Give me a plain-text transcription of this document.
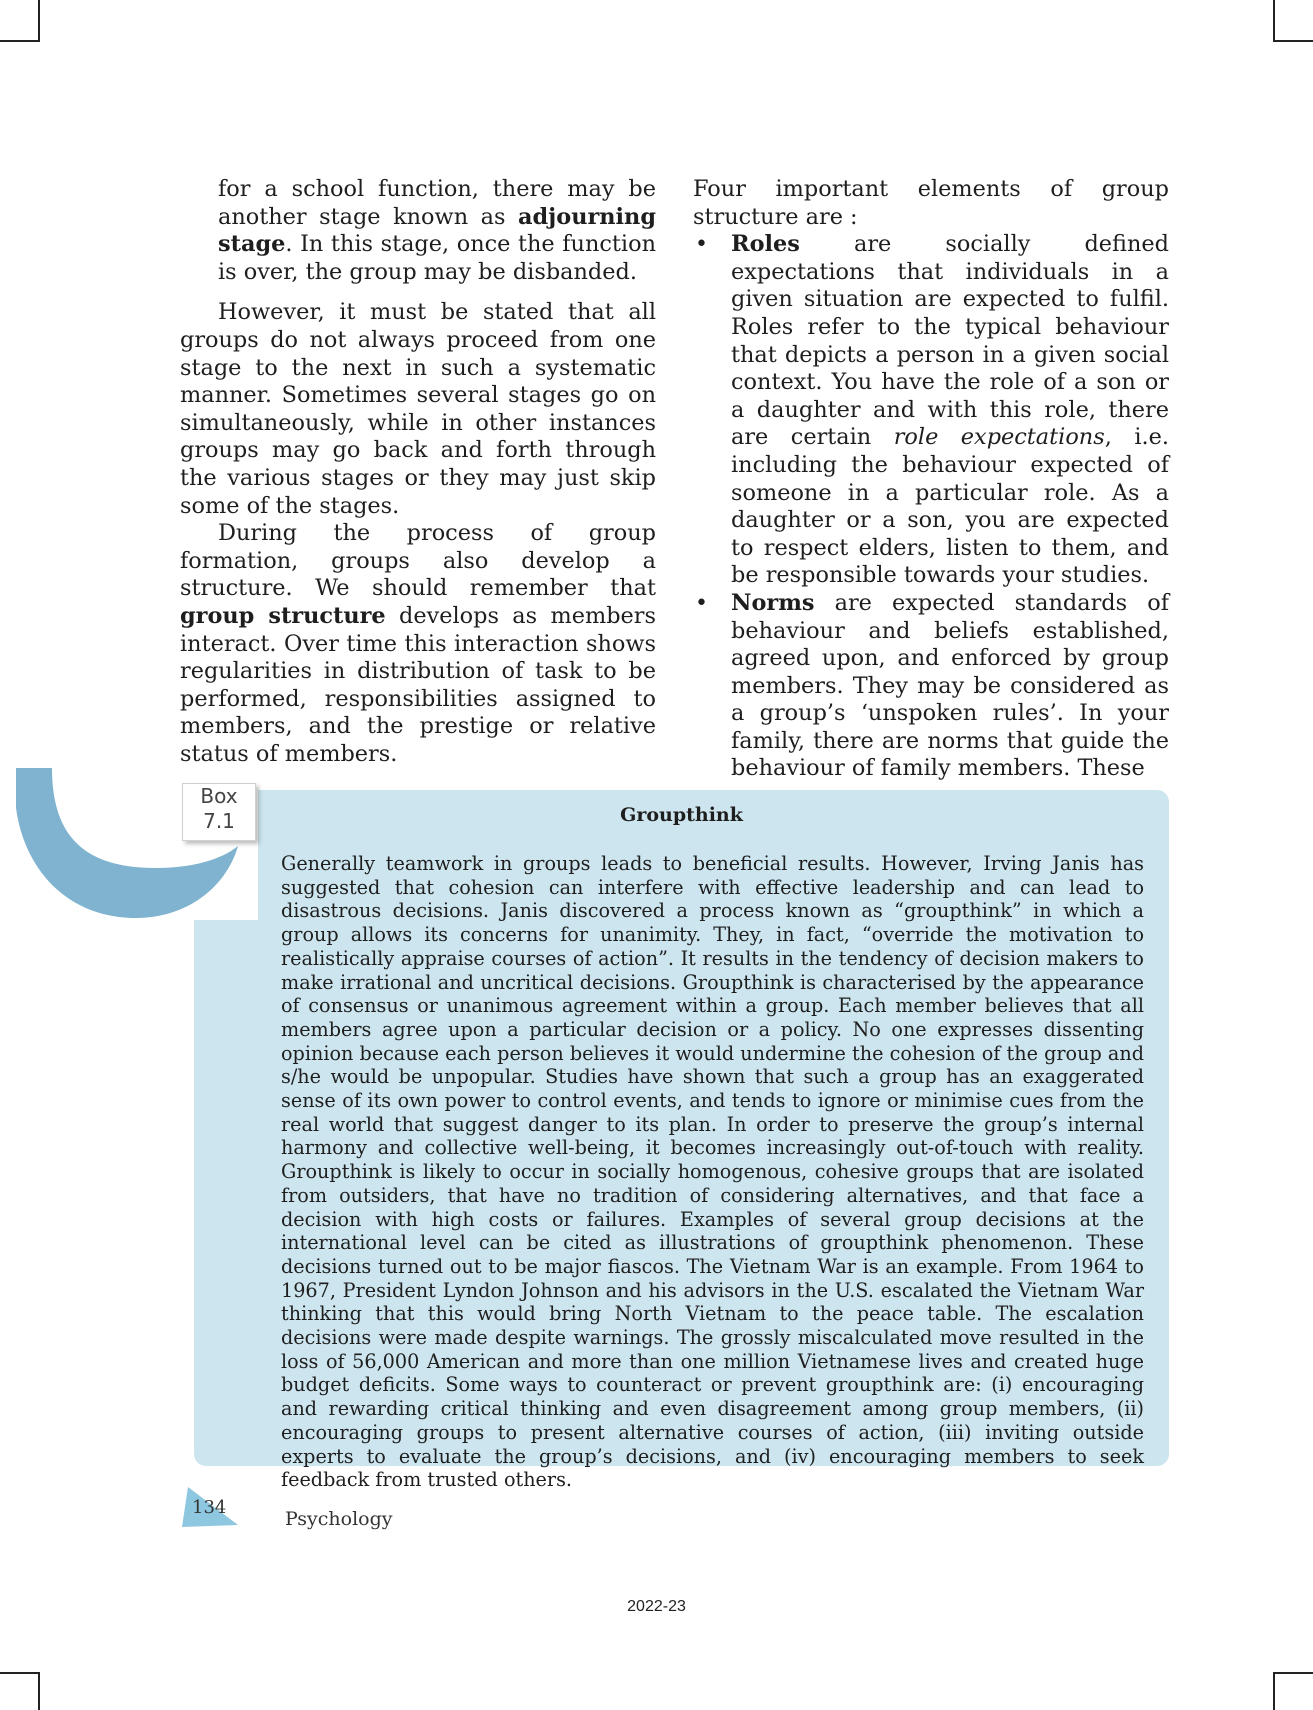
for a school function, there may be another stage known as adjourning stage. In this stage, once the function is over, the group may be disbanded.

However, it must be stated that all groups do not always proceed from one stage to the next in such a systematic manner. Sometimes several stages go on simultaneously, while in other instances groups may go back and forth through the various stages or they may just skip some of the stages.

During the process of group formation, groups also develop a structure. We should remember that group structure develops as members interact. Over time this interaction shows regularities in distribution of task to be performed, responsibilities assigned to members, and the prestige or relative status of members.

Four important elements of group structure are :

• Roles are socially defined expectations that individuals in a given situation are expected to fulfil. Roles refer to the typical behaviour that depicts a person in a given social context. You have the role of a son or a daughter and with this role, there are certain role expectations, i.e. including the behaviour expected of someone in a particular role. As a daughter or a son, you are expected to respect elders, listen to them, and be responsible towards your studies.
• Norms are expected standards of behaviour and beliefs established, agreed upon, and enforced by group members. They may be considered as a group’s ‘unspoken rules’. In your family, there are norms that guide the behaviour of family members. These
Box
7.1	Groupthink

Generally teamwork in groups leads to beneficial results. However, Irving Janis has suggested that cohesion can interfere with effective leadership and can lead to disastrous decisions. Janis discovered a process known as “groupthink” in which a group allows its concerns for unanimity. They, in fact, “override the motivation to realistically appraise courses of action”. It results in the tendency of decision makers to make irrational and uncritical decisions. Groupthink is characterised by the appearance of consensus or unanimous agreement within a group. Each member believes that all members agree upon a particular decision or a policy. No one expresses dissenting opinion because each person believes it would undermine the cohesion of the group and s/he would be unpopular. Studies have shown that such a group has an exaggerated sense of its own power to control events, and tends to ignore or minimise cues from the real world that suggest danger to its plan. In order to preserve the group’s internal harmony and collective well-being, it becomes increasingly out-of-touch with reality. Groupthink is likely to occur in socially homogenous, cohesive groups that are isolated from outsiders, that have no tradition of considering alternatives, and that face a decision with high costs or failures. Examples of several group decisions at the international level can be cited as illustrations of groupthink phenomenon. These decisions turned out to be major fiascos. The Vietnam War is an example. From 1964 to 1967, President Lyndon Johnson and his advisors in the U.S. escalated the Vietnam War thinking that this would bring North Vietnam to the peace table. The escalation decisions were made despite warnings. The grossly miscalculated move resulted in the loss of 56,000 American and more than one million Vietnamese lives and created huge budget deficits. Some ways to counteract or prevent groupthink are: (i) encouraging and rewarding critical thinking and even disagreement among group members, (ii) encouraging groups to present alternative courses of action, (iii) inviting outside experts to evaluate the group’s decisions, and (iv) encouraging members to seek feedback from trusted others.

134
Psychology
2022-23
